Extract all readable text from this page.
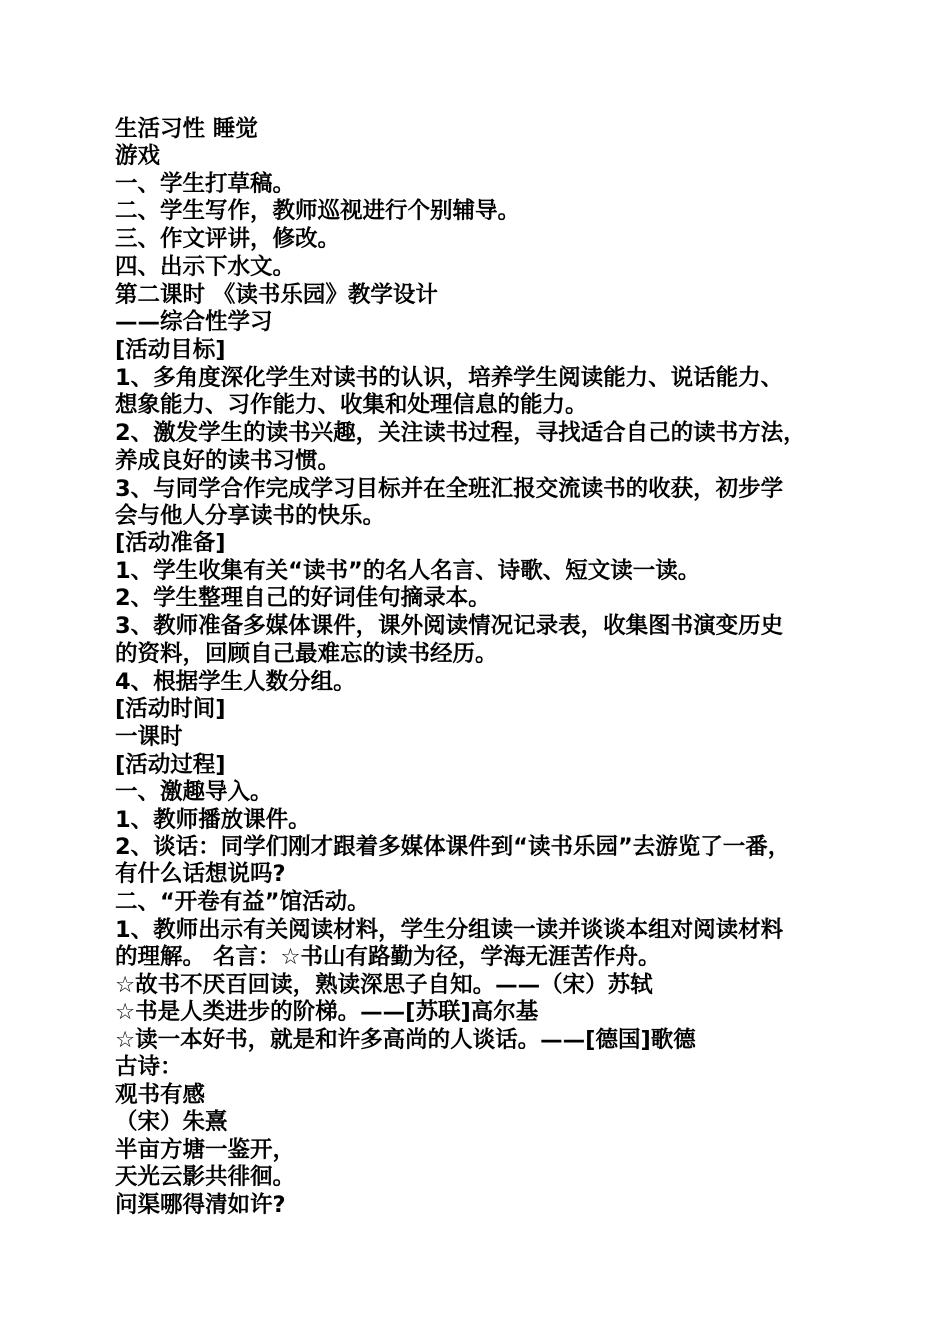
生活习性 睡觉
游戏
一、学生打草稿。
二、学生写作，教师巡视进行个别辅导。
三、作文评讲，修改。
四、出示下水文。
第二课时 《读书乐园》教学设计
——综合性学习
[活动目标]
1、多角度深化学生对读书的认识，培养学生阅读能力、说话能力、
想象能力、习作能力、收集和处理信息的能力。
2、激发学生的读书兴趣，关注读书过程，寻找适合自己的读书方法，
养成良好的读书习惯。
3、与同学合作完成学习目标并在全班汇报交流读书的收获，初步学
会与他人分享读书的快乐。
[活动准备]
1、学生收集有关“读书”的名人名言、诗歌、短文读一读。
2、学生整理自己的好词佳句摘录本。
3、教师准备多媒体课件，课外阅读情况记录表，收集图书演变历史
的资料，回顾自己最难忘的读书经历。
4、根据学生人数分组。
[活动时间]
一课时
[活动过程]
一、激趣导入。
1、教师播放课件。
2、谈话：同学们刚才跟着多媒体课件到“读书乐园”去游览了一番，
有什么话想说吗?
二、“开卷有益”馆活动。
1、教师出示有关阅读材料，学生分组读一读并谈谈本组对阅读材料
的理解。 名言：☆书山有路勤为径，学海无涯苦作舟。
☆故书不厌百回读，熟读深思子自知。——（宋）苏轼
☆书是人类进步的阶梯。——[苏联]高尔基
☆读一本好书，就是和许多高尚的人谈话。——[德国]歌德
古诗：
观书有感
（宋）朱熹
半亩方塘一鉴开，
天光云影共徘徊。
问渠哪得清如许?
